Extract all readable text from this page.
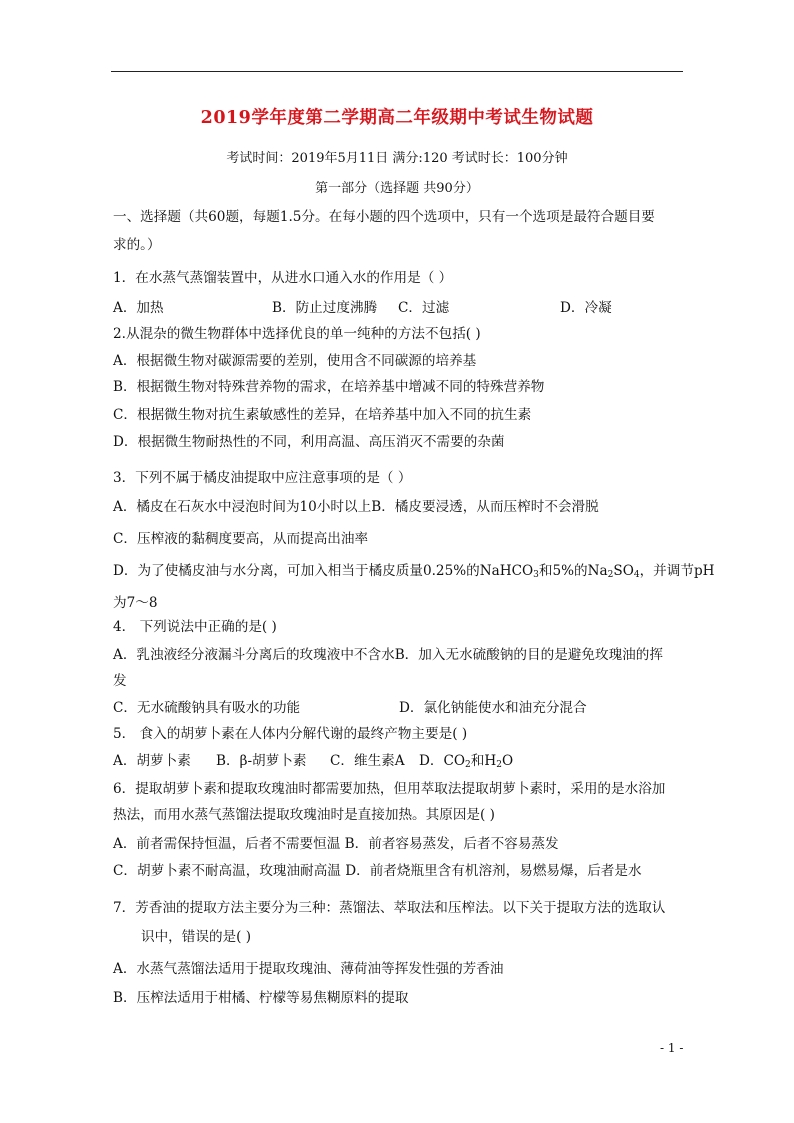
2019学年度第二学期高二年级期中考试生物试题
考试时间：2019年5月11日 满分:120 考试时长：100分钟
第一部分（选择题 共90分）
一、选择题（共60题，每题1.5分。在每小题的四个选项中，只有一个选项是最符合题目要
求的。）
1．在水蒸气蒸馏装置中，从进水口通入水的作用是（ ）
A．加热	B．防止过度沸腾 C．过滤	D．冷凝
2.从混杂的微生物群体中选择优良的单一纯种的方法不包括( )
A．根据微生物对碳源需要的差别，使用含不同碳源的培养基
B．根据微生物对特殊营养物的需求，在培养基中增减不同的特殊营养物
C．根据微生物对抗生素敏感性的差异，在培养基中加入不同的抗生素
D．根据微生物耐热性的不同，利用高温、高压消灭不需要的杂菌
3．下列不属于橘皮油提取中应注意事项的是（ ）
A．橘皮在石灰水中浸泡时间为10小时以上B．橘皮要浸透，从而压榨时不会滑脱
C．压榨液的黏稠度要高，从而提高出油率
D．为了使橘皮油与水分离，可加入相当于橘皮质量0.25%的NaHCO$_3$和5%的$Na_2SO_4$，并调节pH
为7～8
4． 下列说法中正确的是( )
A．乳浊液经分液漏斗分离后的玫瑰液中不含水B．加入无水硫酸钠的目的是避免玫瑰油的挥
发
C．无水硫酸钠具有吸水的功能	D．氯化钠能使水和油充分混合
5． 食入的胡萝卜素在人体内分解代谢的最终产物主要是( )
A．胡萝卜素 B．β-胡萝卜素 C．维生素A D．$CO_2$和$H_2O$
6．提取胡萝卜素和提取玫瑰油时都需要加热，但用萃取法提取胡萝卜素时，采用的是水浴加
热法，而用水蒸气蒸馏法提取玫瑰油时是直接加热。其原因是( )
A．前者需保持恒温，后者不需要恒温 B．前者容易蒸发，后者不容易蒸发
C．胡萝卜素不耐高温，玫瑰油耐高温 D．前者烧瓶里含有机溶剂，易燃易爆，后者是水
7．芳香油的提取方法主要分为三种：蒸馏法、萃取法和压榨法。以下关于提取方法的选取认
识中，错误的是( )
A．水蒸气蒸馏法适用于提取玫瑰油、薄荷油等挥发性强的芳香油
B．压榨法适用于柑橘、柠檬等易焦糊原料的提取
- 1 -
